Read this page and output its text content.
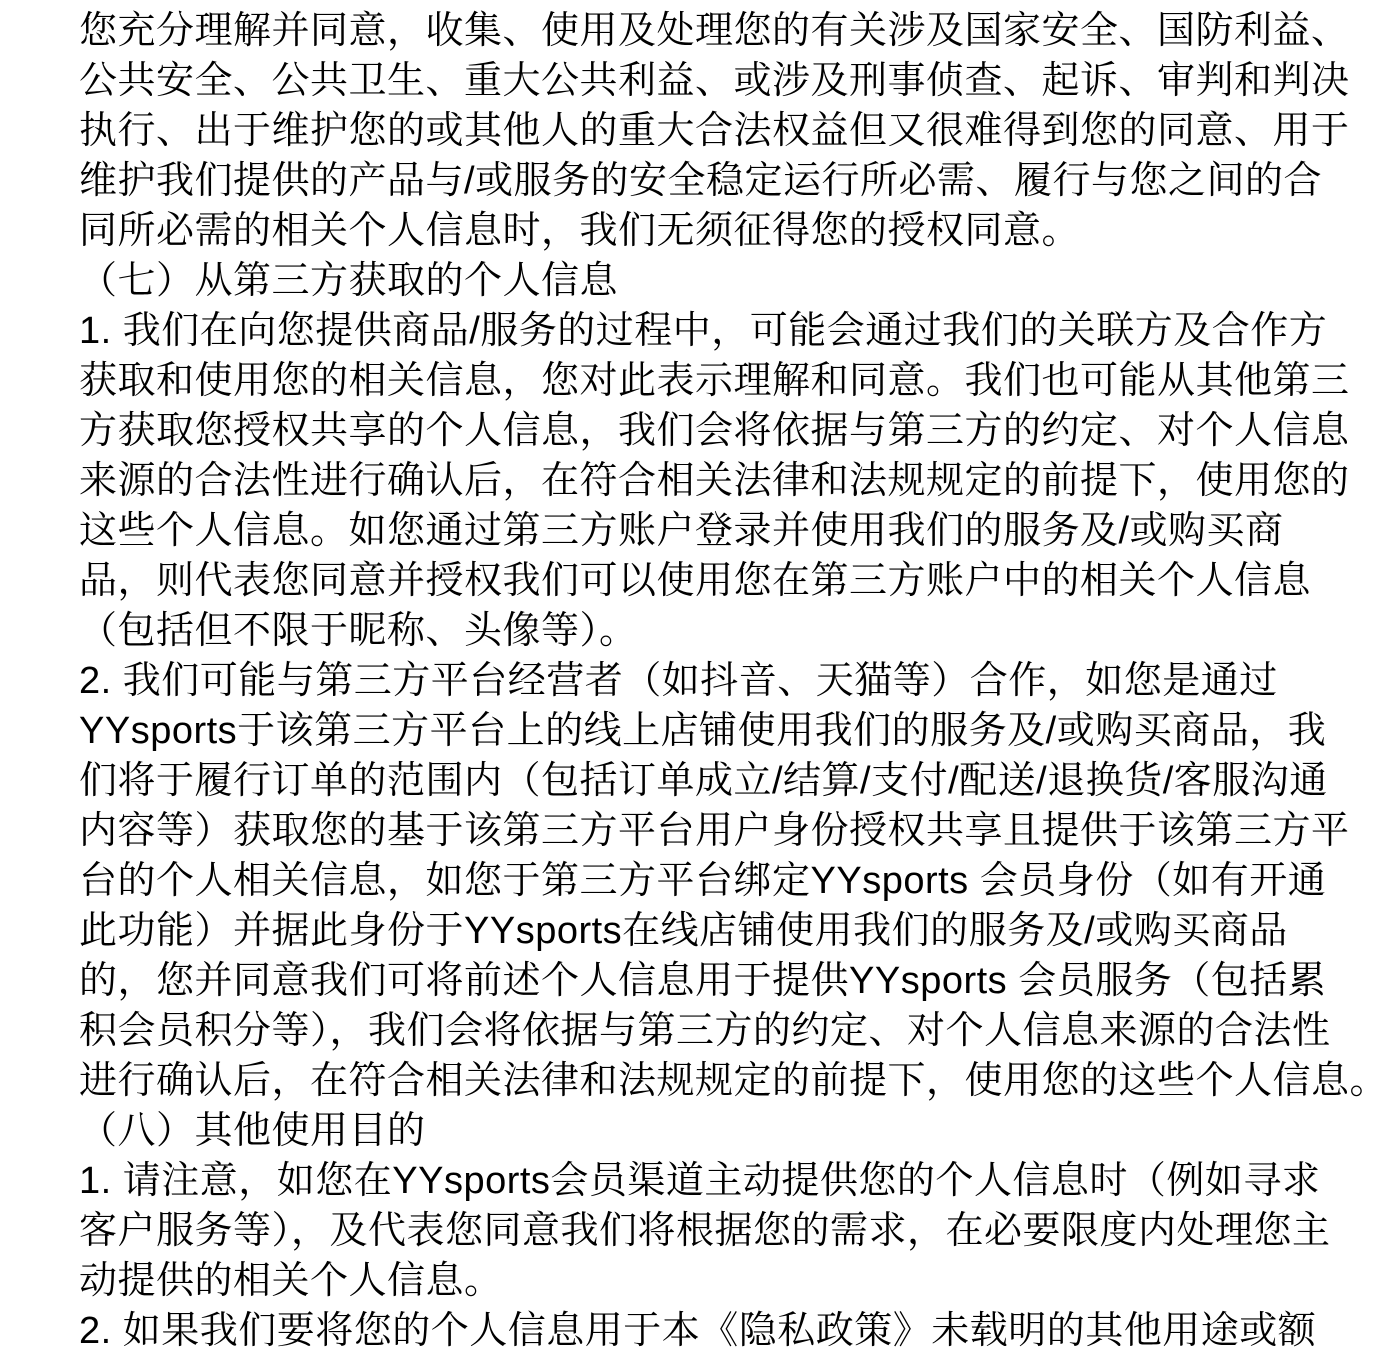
您充分理解并同意，收集、使用及处理您的有关涉及国家安全、国防利益、
公共安全、公共卫生、重大公共利益、或涉及刑事侦查、起诉、审判和判决
执行、出于维护您的或其他人的重大合法权益但又很难得到您的同意、用于
维护我们提供的产品与/或服务的安全稳定运行所必需、履行与您之间的合
同所必需的相关个人信息时，我们无须征得您的授权同意。
（七）从第三方获取的个人信息
1. 我们在向您提供商品/服务的过程中，可能会通过我们的关联方及合作方
获取和使用您的相关信息，您对此表示理解和同意。我们也可能从其他第三
方获取您授权共享的个人信息，我们会将依据与第三方的约定、对个人信息
来源的合法性进行确认后，在符合相关法律和法规规定的前提下，使用您的
这些个人信息。如您通过第三方账户登录并使用我们的服务及/或购买商
品，则代表您同意并授权我们可以使用您在第三方账户中的相关个人信息
（包括但不限于昵称、头像等）。
2. 我们可能与第三方平台经营者（如抖音、天猫等）合作，如您是通过
YYsports于该第三方平台上的线上店铺使用我们的服务及/或购买商品，我
们将于履行订单的范围内（包括订单成立/结算/支付/配送/退换货/客服沟通
内容等）获取您的基于该第三方平台用户身份授权共享且提供于该第三方平
台的个人相关信息，如您于第三方平台绑定YYsports 会员身份（如有开通
此功能）并据此身份于YYsports在线店铺使用我们的服务及/或购买商品
的，您并同意我们可将前述个人信息用于提供YYsports 会员服务（包括累
积会员积分等），我们会将依据与第三方的约定、对个人信息来源的合法性
进行确认后，在符合相关法律和法规规定的前提下，使用您的这些个人信息。
（八）其他使用目的
1. 请注意，如您在YYsports会员渠道主动提供您的个人信息时（例如寻求
客户服务等），及代表您同意我们将根据您的需求，在必要限度内处理您主
动提供的相关个人信息。
2. 如果我们要将您的个人信息用于本《隐私政策》未载明的其他用途或额
